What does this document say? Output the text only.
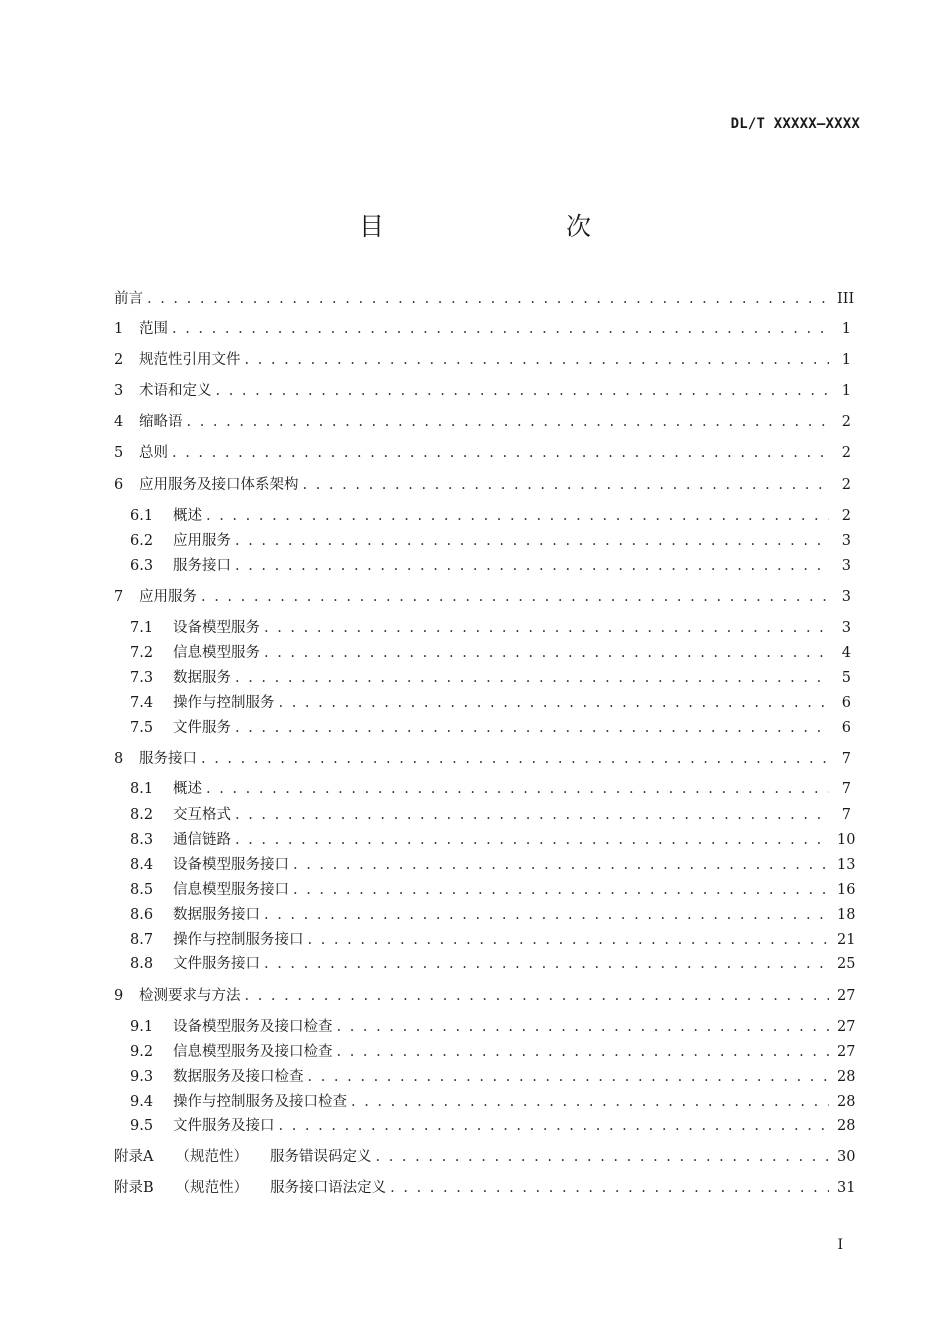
DL/T XXXXX—XXXX
目　　次
前言 . . .	III
1	范围 . . .	1
2	规范性引用文件 . . .	1
3	术语和定义 . . .	1
4	缩略语 . . .	2
5	总则 . . .	2
6	应用服务及接口体系架构 . . .	2
6.1	概述 . . .	2
6.2	应用服务 . . .	3
6.3	服务接口 . . .	3
7	应用服务 . . .	3
7.1	设备模型服务 . . .	3
7.2	信息模型服务 . . .	4
7.3	数据服务 . . .	5
7.4	操作与控制服务 . . .	6
7.5	文件服务 . . .	6
8	服务接口 . . .	7
8.1	概述 . . .	7
8.2	交互格式 . . .	7
8.3	通信链路 . . .	10
8.4	设备模型服务接口 . . .	13
8.5	信息模型服务接口 . . .	16
8.6	数据服务接口 . . .	18
8.7	操作与控制服务接口 . . .	21
8.8	文件服务接口 . . .	25
9	检测要求与方法 . . .	27
9.1	设备模型服务及接口检查 . . .	27
9.2	信息模型服务及接口检查 . . .	27
9.3	数据服务及接口检查 . . .	28
9.4	操作与控制服务及接口检查 . . .	28
9.5	文件服务及接口 . . .	28
附录A	（规范性）	服务错误码定义 . . .	30
附录B	（规范性）	服务接口语法定义 . . .	31
I
